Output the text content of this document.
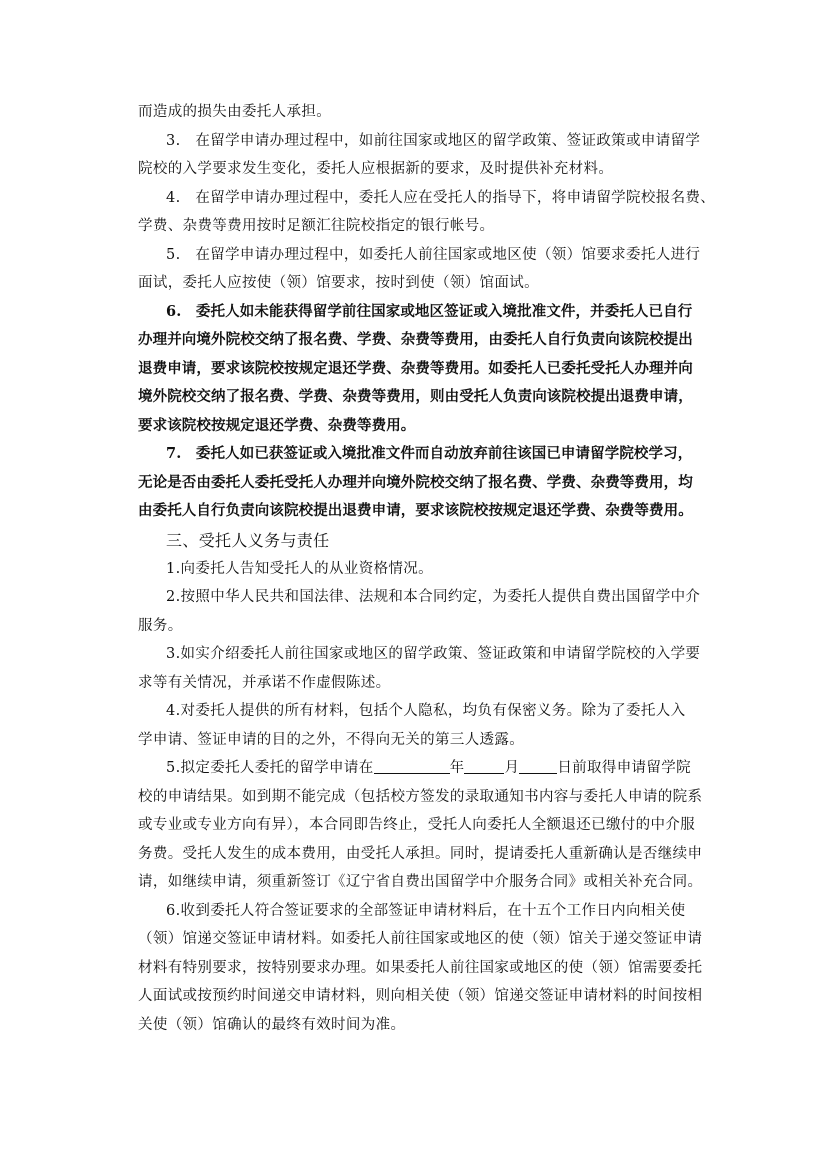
而造成的损失由委托人承担。

3.　在留学申请办理过程中，如前往国家或地区的留学政策、签证政策或申请留学

院校的入学要求发生变化，委托人应根据新的要求，及时提供补充材料。

4.　在留学申请办理过程中，委托人应在受托人的指导下，将申请留学院校报名费、

学费、杂费等费用按时足额汇往院校指定的银行帐号。

5.　在留学申请办理过程中，如委托人前往国家或地区使（领）馆要求委托人进行

面试，委托人应按使（领）馆要求，按时到使（领）馆面试。

6.　委托人如未能获得留学前往国家或地区签证或入境批准文件，并委托人已自行

办理并向境外院校交纳了报名费、学费、杂费等费用，由委托人自行负责向该院校提出

退费申请，要求该院校按规定退还学费、杂费等费用。如委托人已委托受托人办理并向

境外院校交纳了报名费、学费、杂费等费用，则由受托人负责向该院校提出退费申请，

要求该院校按规定退还学费、杂费等费用。

7.　委托人如已获签证或入境批准文件而自动放弃前往该国已申请留学院校学习，

无论是否由委托人委托受托人办理并向境外院校交纳了报名费、学费、杂费等费用，均

由委托人自行负责向该院校提出退费申请，要求该院校按规定退还学费、杂费等费用。

三、受托人义务与责任

1.向委托人告知受托人的从业资格情况。

2.按照中华人民共和国法律、法规和本合同约定，为委托人提供自费出国留学中介

服务。

3.如实介绍委托人前往国家或地区的留学政策、签证政策和申请留学院校的入学要

求等有关情况，并承诺不作虚假陈述。

4.对委托人提供的所有材料，包括个人隐私，均负有保密义务。除为了委托人入

学申请、签证申请的目的之外，不得向无关的第三人透露。

5.拟定委托人委托的留学申请在	年	月	日前取得申请留学院

校的申请结果。如到期不能完成（包括校方签发的录取通知书内容与委托人申请的院系

或专业或专业方向有异），本合同即告终止，受托人向委托人全额退还已缴付的中介服

务费。受托人发生的成本费用，由受托人承担。同时，提请委托人重新确认是否继续申

请，如继续申请，须重新签订《辽宁省自费出国留学中介服务合同》或相关补充合同。

6.收到委托人符合签证要求的全部签证申请材料后，在十五个工作日内向相关使

（领）馆递交签证申请材料。如委托人前往国家或地区的使（领）馆关于递交签证申请

材料有特别要求，按特别要求办理。如果委托人前往国家或地区的使（领）馆需要委托

人面试或按预约时间递交申请材料，则向相关使（领）馆递交签证申请材料的时间按相

关使（领）馆确认的最终有效时间为准。
